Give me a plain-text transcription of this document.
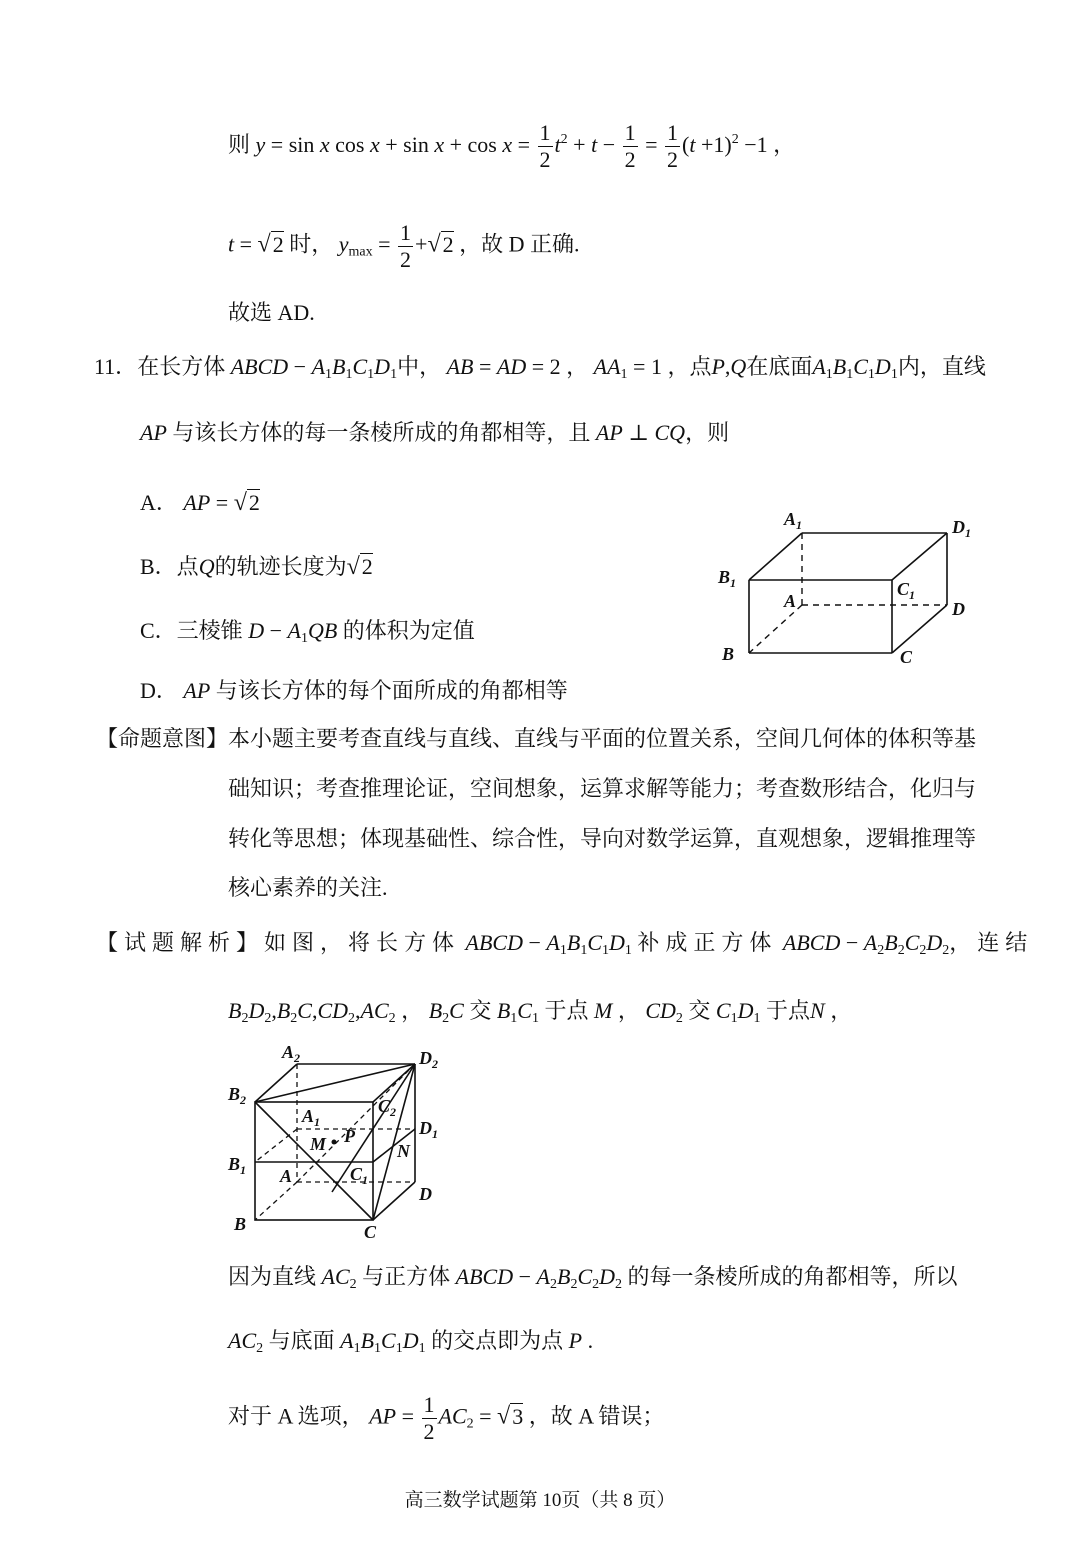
则 y = sin x $\cos x + \sin x + \cos x = \frac{1}{2} t^2 + t - \frac{1}{2} = \frac{1}{2} (t +1)^2 -1$ ，
t = √2 时， $y_{max} = \frac{1}{2} +√2$ ，故 D 正确.
故选 AD.
11．在长方体 ABCD − $A_1B_1C_1D_1$中， AB = AD = 2 ， $AA_1 = 1$ ，点P,Q在底面$A_1B_1C_1D_1$内，直线
AP 与该长方体的每一条棱所成的角都相等，且 AP ⊥ CQ，则
A． AP = √2
B．点Q的轨迹长度为√2
C．三棱锥 $D - A_1QB$ 的体积为定值
D． AP 与该长方体的每个面所成的角都相等
$A_1$	$D_1$
$B_1$	$C_1$
A	D
B	C
【命题意图】本小题主要考查直线与直线、直线与平面的位置关系，空间几何体的体积等基
础知识；考查推理论证，空间想象，运算求解等能力；考查数形结合，化归与
转化等思想；体现基础性、综合性，导向对数学运算，直观想象，逻辑推理等
核心素养的关注.
【试题解析】如图，将长方体 ABCD − $A_1B_1C_1D_1$ 补成正方体 ABCD − $A_2B_2C_2D_2$，连结
$B_2D_2,B_2C,CD_2,AC_2$ ， $B_2C$ 交 $B_1C_1$ 于点 M ， $CD_2$ 交 $C_1D_1$ 于点N ，
$A_2$	$D_2$
$B_2$	$C_2$
$A_1$	$D_1$
$B_1$	$C_1$
M P
N
A
D
B	C
因为直线 $AC_2$ 与正方体 ABCD − $A_2B_2C_2D_2$ 的每一条棱所成的角都相等，所以
$AC_2$ 与底面 $A_1B_1C_1D_1$ 的交点即为点 P .
对于 A 选项， AP = $\frac{1}{2} AC_2 = √3$ ，故 A 错误；
高三数学试题第 10页（共 8 页）
